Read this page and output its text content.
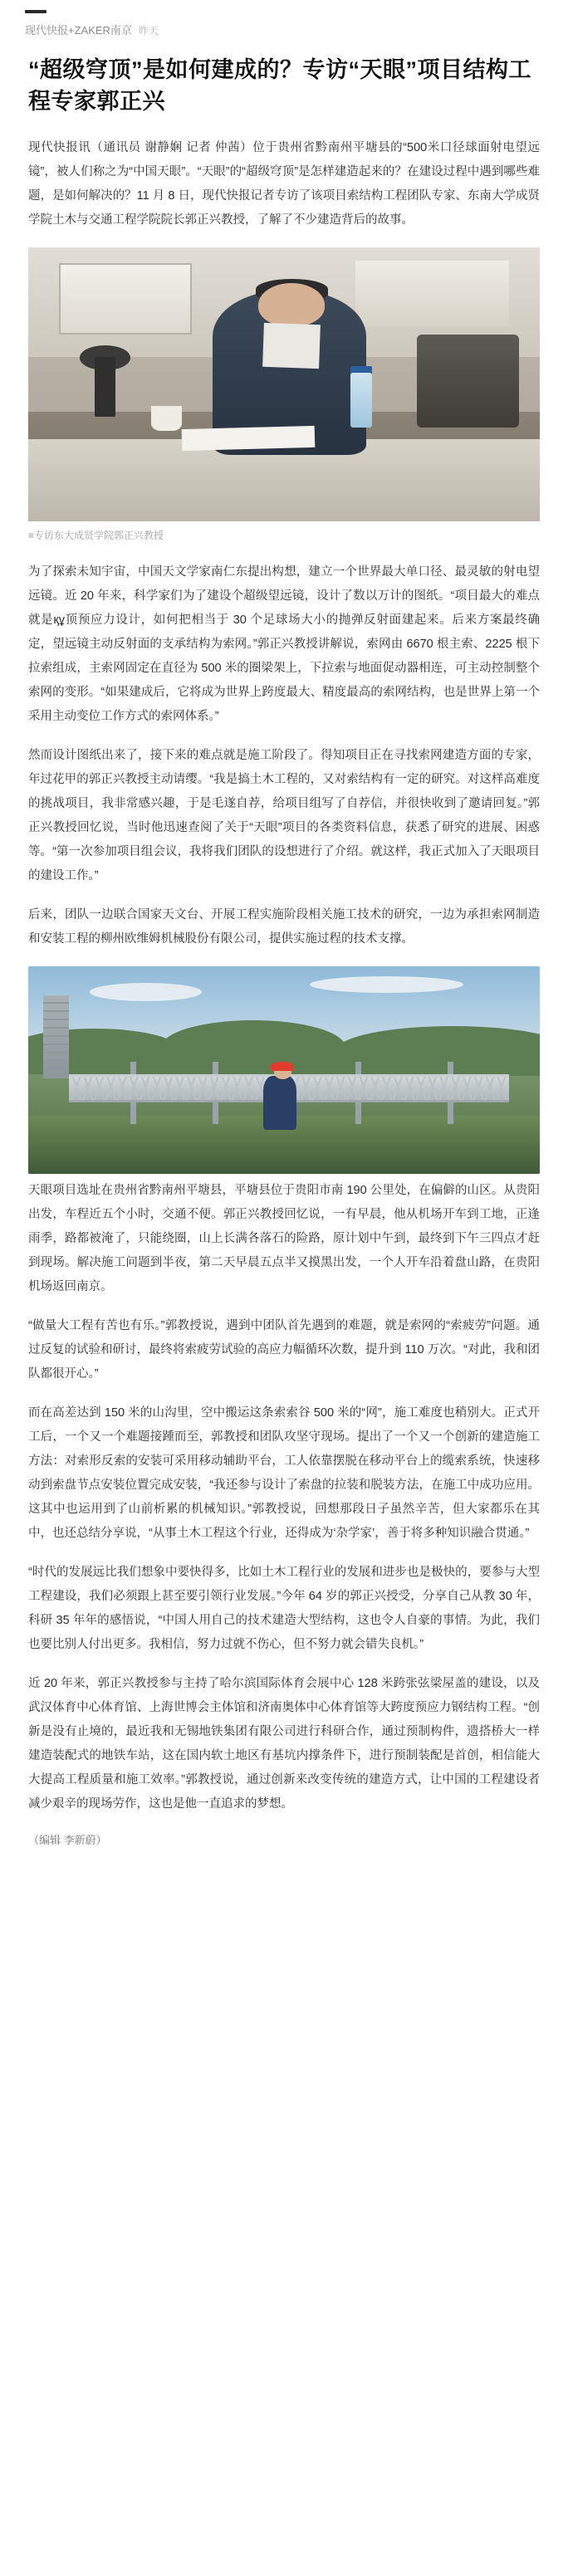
现代快报+ZAKER南京 昨天
“超级穹顶”是如何建成的？专访“天眼”项目结构工程专家郭正兴

现代快报讯（通讯员 谢静娴 记者 仲茜）位于贵州省黔南州平塘县的“500米口径球面射电望远镜”，被人们称之为“中国天眼”。“天眼”的“超级穹顶”是怎样建造起来的？在建设过程中遇到哪些难题，是如何解决的？11 月 8 日，现代快报记者专访了该项目索结构工程团队专家、东南大学成贤学院土木与交通工程学院院长郭正兴教授，了解了不少建造背后的故事。

≡专访东大成贤学院郭正兴教授

为了探索未知宇宙，中国天文学家南仁东提出构想，建立一个世界最大单口径、最灵敏的射电望远镜。近 20 年来，科学家们为了建设个超级望远镜，设计了数以万计的图纸。“项目最大的难点就是құ顶预应力设计，如何把相当于 30 个足球场大小的抛弹反射面建起来。后来方案最终确定，望远镜主动反射面的支承结构为索网。”郭正兴教授讲解说，索网由 6670 根主索、2225 根下拉索组成，主索网固定在直径为 500 米的圈梁架上，下拉索与地面促动器相连，可主动控制整个索网的变形。“如果建成后，它将成为世界上跨度最大、精度最高的索网结构，也是世界上第一个采用主动变位工作方式的索网体系。”

然而设计图纸出来了，接下来的难点就是施工阶段了。得知项目正在寻找索网建造方面的专家，年过花甲的郭正兴教授主动请缨。“我是搞土木工程的，又对索结构有一定的研究。对这样高难度的挑战项目，我非常感兴趣，于是毛遂自荐，给项目组写了自荐信，并很快收到了邀请回复。”郭正兴教授回忆说，当时他迅速查阅了关于“天眼”项目的各类资料信息，获悉了研究的进展、困惑等。“第一次参加项目组会议，我将我们团队的设想进行了介绍。就这样，我正式加入了天眼项目的建设工作。”

后来，团队一边联合国家天文台、开展工程实施阶段相关施工技术的研究，一边为承担索网制造和安装工程的柳州欧维姆机械股份有限公司，提供实施过程的技术支撑。

天眼项目选址在贵州省黔南州平塘县，平塘县位于贵阳市南 190 公里处，在偏僻的山区。从贵阳出发，车程近五个小时，交通不便。郭正兴教授回忆说，一有早晨，他从机场开车到工地，正逢雨季，路都被淹了，只能绕圈，山上长满各落石的险路，原计划中午到，最终到下午三四点才赶到现场。解决施工问题到半夜，第二天早晨五点半又摸黑出发，一个人开车沿着盘山路，在贵阳机场返回南京。

“做量大工程有苦也有乐。”郭教授说，遇到中团队首先遇到的难题，就是索网的“索疲劳”问题。通过反复的试验和研讨，最终将索疲劳试验的高应力幅循环次数，提升到 110 万次。“对此，我和团队都很开心。”

而在高差达到 150 米的山沟里，空中搬运这条索索谷 500 米的“网”，施工难度也稍别大。正式开工后，一个又一个难题接踵而至，郭教授和团队攻坚守现场。提出了一个又一个创新的建造施工方法：对索形反索的安装可采用移动辅助平台，工人依靠摆脱在移动平台上的缆索系统，快速移动到索盘节点安装位置完成安装，“我还参与设计了索盘的拉装和脱装方法，在施工中成功应用。这其中也运用到了山前析累的机械知识。”郭教授说，回想那段日子虽然辛苦，但大家都乐在其中，也还总结分享说，“从事土木工程这个行业，还得成为‘杂学家’，善于将多种知识融合贯通。”

“时代的发展远比我们想象中要快得多，比如土木工程行业的发展和进步也是极快的，要参与大型工程建设，我们必须跟上甚至要引领行业发展。”今年 64 岁的郭正兴授受，分享自己从教 30 年，科研 35 年年的感悟说，“中国人用自己的技术建造大型结构，这也令人自豪的事情。为此，我们也要比别人付出更多。我相信，努力过就不伤心，但不努力就会错失良机。”

近 20 年来，郭正兴教授参与主持了哈尔滨国际体育会展中心 128 米跨张弦梁屋盖的建设，以及武汉体育中心体育馆、上海世博会主体馆和济南奥体中心体育馆等大跨度预应力钢结构工程。“创新是没有止境的，最近我和无锡地铁集团有限公司进行科研合作，通过预制构件，遗搭桥大一样建造装配式的地铁车站，这在国内软土地区有基坑内撑条件下，进行预制装配是首创，相信能大大提高工程质量和施工效率。”郭教授说，通过创新来改变传统的建造方式，让中国的工程建设者减少艰辛的现场劳作，这也是他一直追求的梦想。

（编辑 李新蔚）
